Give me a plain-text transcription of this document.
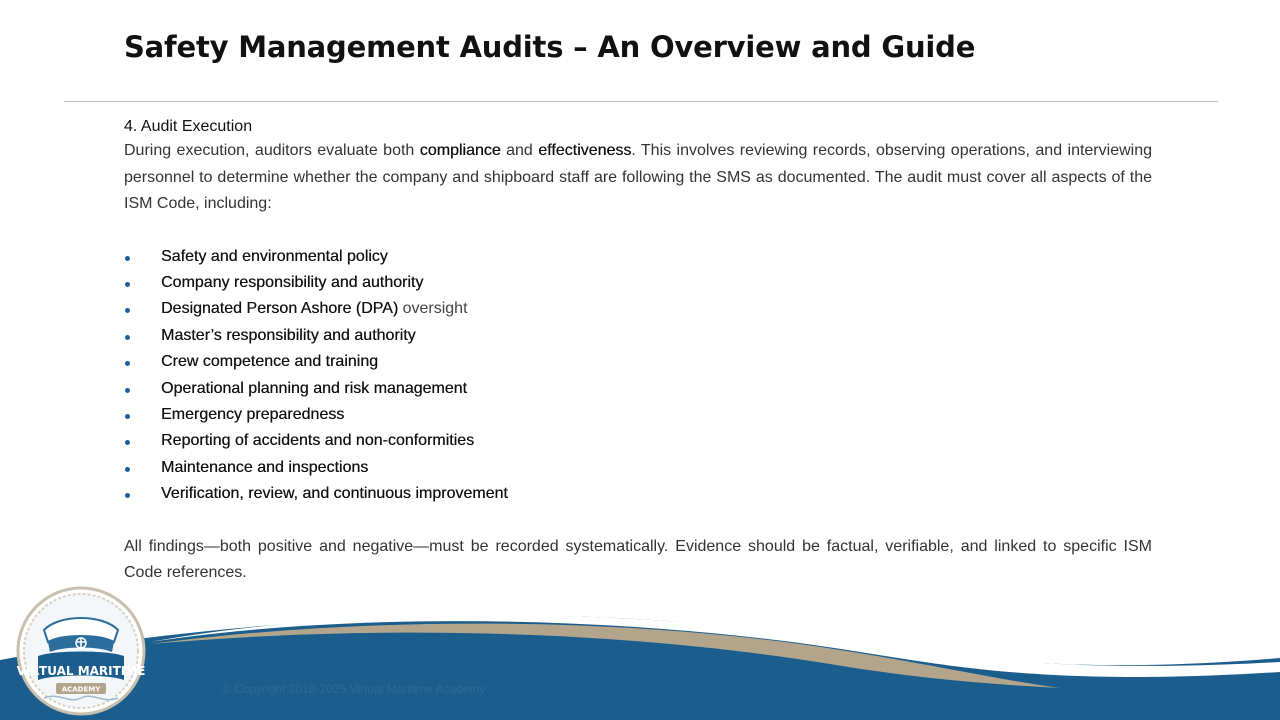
Safety Management Audits – An Overview and Guide

4. Audit Execution

During execution, auditors evaluate both compliance and effectiveness. This involves reviewing records, observing operations, and interviewing personnel to determine whether the company and shipboard staff are following the SMS as documented. The audit must cover all aspects of the ISM Code, including:

Safety and environmental policy
Company responsibility and authority
Designated Person Ashore (DPA) oversight
Master’s responsibility and authority
Crew competence and training
Operational planning and risk management
Emergency preparedness
Reporting of accidents and non-conformities
Maintenance and inspections
Verification, review, and continuous improvement

All findings—both positive and negative—must be recorded systematically. Evidence should be factual, verifiable, and linked to specific ISM Code references.

© Copyright 2018-2025 Virtual Maritime Academy
VIRTUAL MARITIME
ACADEMY
